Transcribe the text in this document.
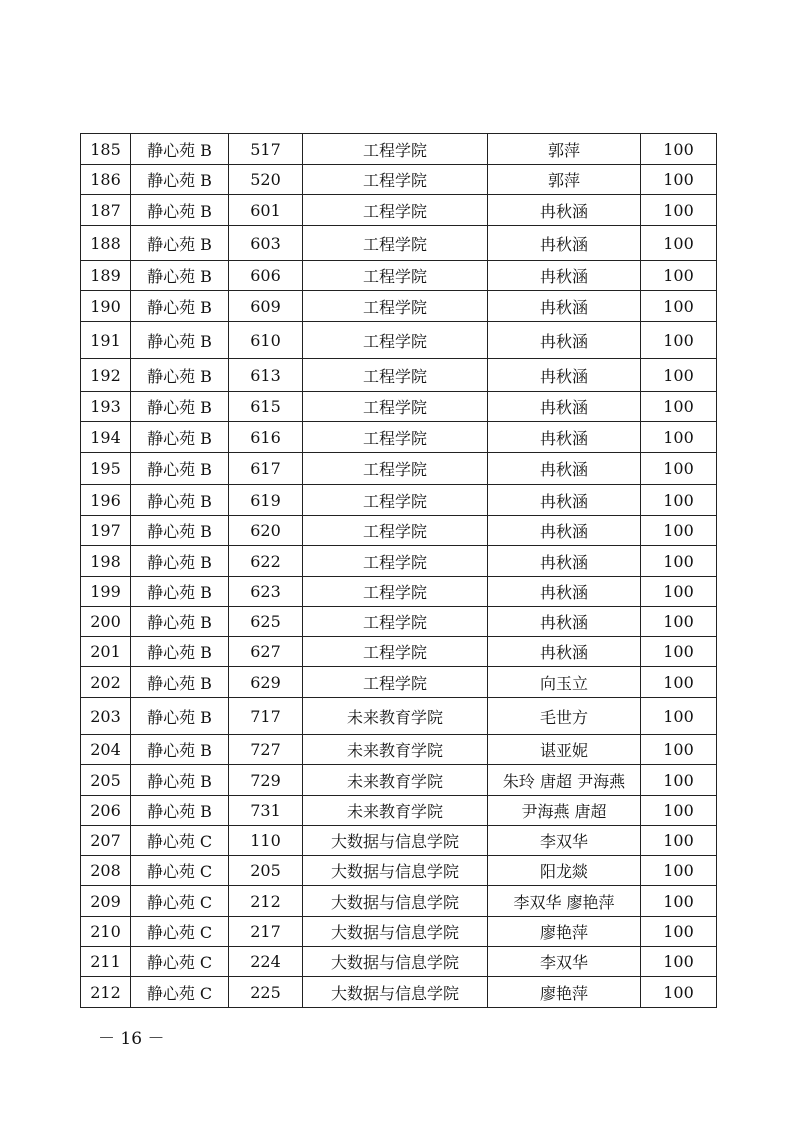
185	静心苑 B	517	工程学院	郭萍	100
186	静心苑 B	520	工程学院	郭萍	100
187	静心苑 B	601	工程学院	冉秋涵	100
188	静心苑 B	603	工程学院	冉秋涵	100
189	静心苑 B	606	工程学院	冉秋涵	100
190	静心苑 B	609	工程学院	冉秋涵	100
191	静心苑 B	610	工程学院	冉秋涵	100
192	静心苑 B	613	工程学院	冉秋涵	100
193	静心苑 B	615	工程学院	冉秋涵	100
194	静心苑 B	616	工程学院	冉秋涵	100
195	静心苑 B	617	工程学院	冉秋涵	100
196	静心苑 B	619	工程学院	冉秋涵	100
197	静心苑 B	620	工程学院	冉秋涵	100
198	静心苑 B	622	工程学院	冉秋涵	100
199	静心苑 B	623	工程学院	冉秋涵	100
200	静心苑 B	625	工程学院	冉秋涵	100
201	静心苑 B	627	工程学院	冉秋涵	100
202	静心苑 B	629	工程学院	向玉立	100
203	静心苑 B	717	未来教育学院	毛世方	100
204	静心苑 B	727	未来教育学院	谌亚妮	100
205	静心苑 B	729	未来教育学院	朱玲 唐超 尹海燕	100
206	静心苑 B	731	未来教育学院	尹海燕 唐超	100
207	静心苑 C	110	大数据与信息学院	李双华	100
208	静心苑 C	205	大数据与信息学院	阳龙燚	100
209	静心苑 C	212	大数据与信息学院	李双华 廖艳萍	100
210	静心苑 C	217	大数据与信息学院	廖艳萍	100
211	静心苑 C	224	大数据与信息学院	李双华	100
212	静心苑 C	225	大数据与信息学院	廖艳萍	100
－ 16 －
